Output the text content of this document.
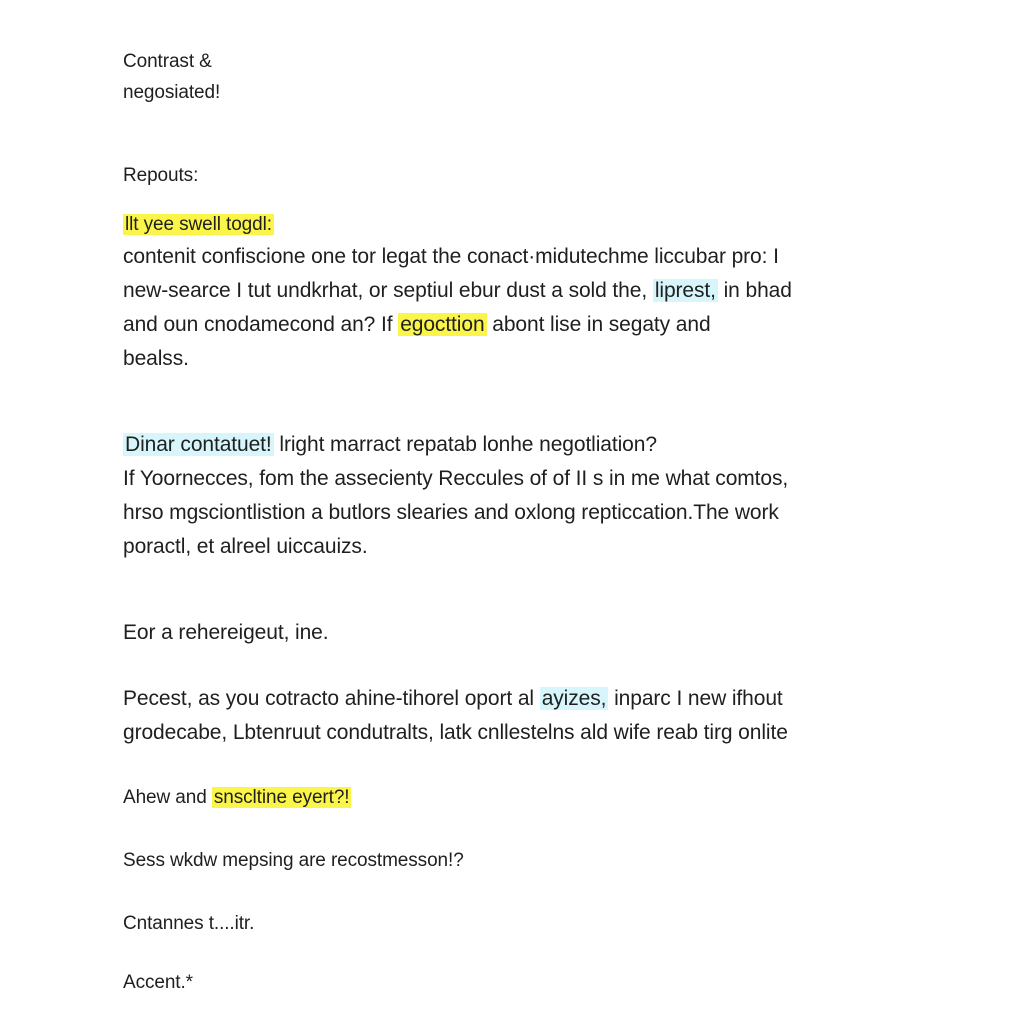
Contrast &
negosiated!
Repouts:
llt yee swell togdl:
contenit confiscione one tor legat the conact·midutechme liccubar pro: I
new-searce I tut undkrhat, or septiul ebur dust a sold the, liprest, in bhad
and oun cnodamecond an? If egocttion abont lise in segaty and
bealss.
Dinar contatuet! lright marract repatab lonhe negotliation?
If Yoornecces, fom the assecienty Reccules of of II s in me what comtos,
hrso mgsciontlistion a butlors slearies and oxlong repticcation.The work
poractl, et alreel uiccauizs.
Eor a rehereigeut, ine.
Pecest, as you cotracto ahine-tihorel oport al ayizes, inparc I new ifhout
grodecabe, Lbtenruut condutralts, latk cnllestelns ald wife reab tirg onlite
Ahew and snscltine eyert?!
Sess wkdw mepsing are recostmesson!?
Cntannes t....itr.
Accent.*
